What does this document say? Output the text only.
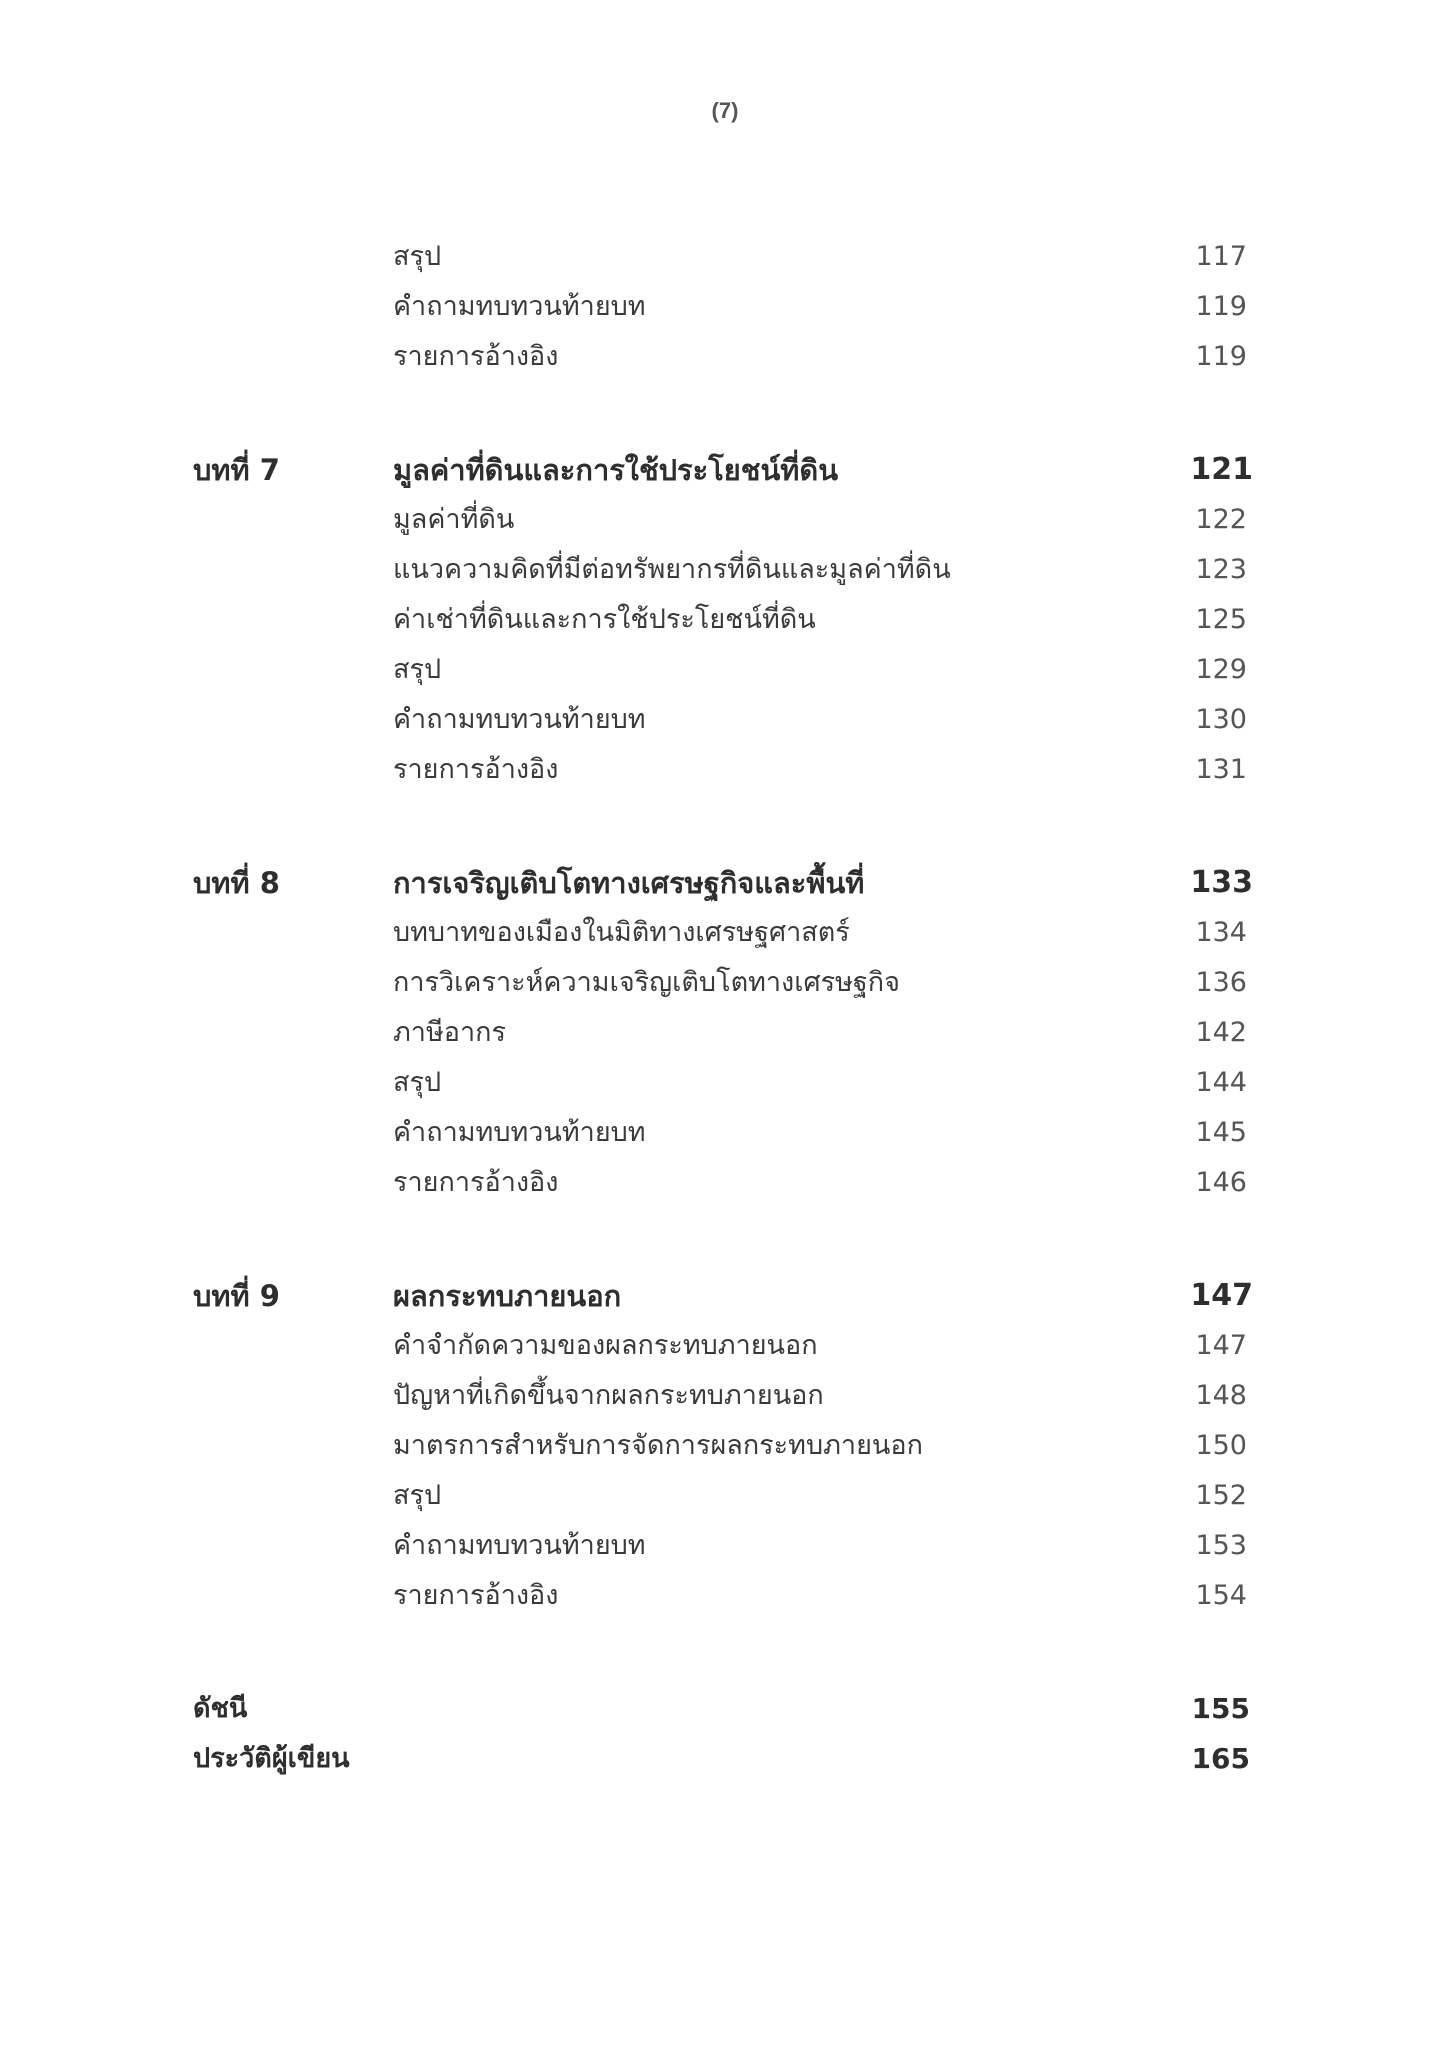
(7)
สรุป	117
คำถามทบทวนท้ายบท	119
รายการอ้างอิง	119
บทที่ 7	มูลค่าที่ดินและการใช้ประโยชน์ที่ดิน	121
มูลค่าที่ดิน	122
แนวความคิดที่มีต่อทรัพยากรที่ดินและมูลค่าที่ดิน	123
ค่าเช่าที่ดินและการใช้ประโยชน์ที่ดิน	125
สรุป	129
คำถามทบทวนท้ายบท	130
รายการอ้างอิง	131
บทที่ 8	การเจริญเติบโตทางเศรษฐกิจและพื้นที่	133
บทบาทของเมืองในมิติทางเศรษฐศาสตร์	134
การวิเคราะห์ความเจริญเติบโตทางเศรษฐกิจ	136
ภาษีอากร	142
สรุป	144
คำถามทบทวนท้ายบท	145
รายการอ้างอิง	146
บทที่ 9	ผลกระทบภายนอก	147
คำจำกัดความของผลกระทบภายนอก	147
ปัญหาที่เกิดขึ้นจากผลกระทบภายนอก	148
มาตรการสำหรับการจัดการผลกระทบภายนอก	150
สรุป	152
คำถามทบทวนท้ายบท	153
รายการอ้างอิง	154
ดัชนี	155
ประวัติผู้เขียน	165
